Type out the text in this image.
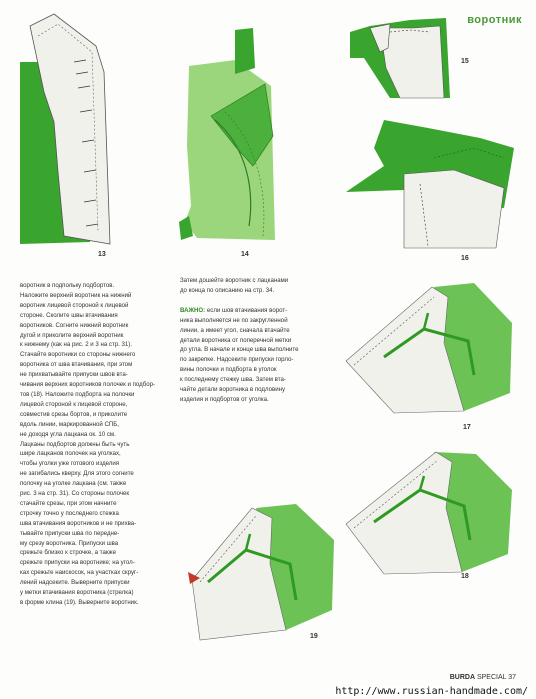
воротник
13	14
15
16

воротник в подпольку подбортов.
Наложите верхний воротник на нижний
воротник лицевой стороной к лицевой
стороне. Сколите швы втачивания
воротников. Согните нижний воротник
дугой и приколите верхний воротник
к нижнему (как на рис. 2 и 3 на стр. 31).
Стачайте воротники со стороны нижнего
воротника от шва втачивания, при этом
не прихватывайте припуски швов вта-
чивания верхних воротников полочек и подбор-
тов (18). Наложите подборта на полочки
лицевой стороной к лицевой стороне,
совместив срезы бортов, и приколите
вдоль линии, маркированной СПБ,
не доходя угла лацкана ок. 10 см.
Лацканы подбортов должны быть чуть
шире лацканов полочек на уголках,
чтобы уголки уже готового изделия
не загибались кверху. Для этого согните
полочку на уголке лацкана (см. также
рис. 3 на стр. 31). Со стороны полочек
стачайте срезы, при этом начните
строчку точно у последнего стежка
шва втачивания воротников и не прихва-
тывайте припуски шва по передне-
му срезу воротника. Припуски шва
срежьте близко к строчке, а также
срежьте припуски на воротнике; на угол-
ках срежьте наискосок, на участках скруг-
лений надсеките. Выверните припуски
у метки втачивания воротника (стрелка)
в форме клина (19). Выверните воротник.

Затем дошейте воротник с лацканами
до конца по описанию на стр. 34.

ВАЖНО: если шов втачивания ворот-
ника выполняется не по закругленной
линии, а имеет угол, сначала втачайте
детали воротника от поперечной метки
до угла. В начале и конце шва выполните
по закрепке. Надсеките припуски горло-
вины полочки и подборта в уголок
к последнему стежку шва. Затем вта-
чайте детали воротника в подловину
изделия и подбортов от уголка.

17
18
19
BURDA SPECIAL 37
http://www.russian-handmade.com/
